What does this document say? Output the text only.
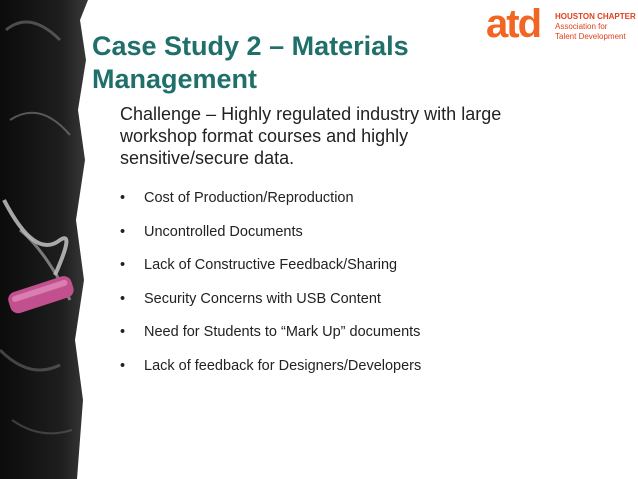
Case Study 2 – Materials
Management
atd HOUSTON CHAPTER
Association for
Talent Development

Challenge – Highly regulated industry with large
workshop format courses and highly
sensitive/secure data.

• Cost of Production/Reproduction
• Uncontrolled Documents
• Lack of Constructive Feedback/Sharing
• Security Concerns with USB Content
• Need for Students to “Mark Up” documents
• Lack of feedback for Designers/Developers
